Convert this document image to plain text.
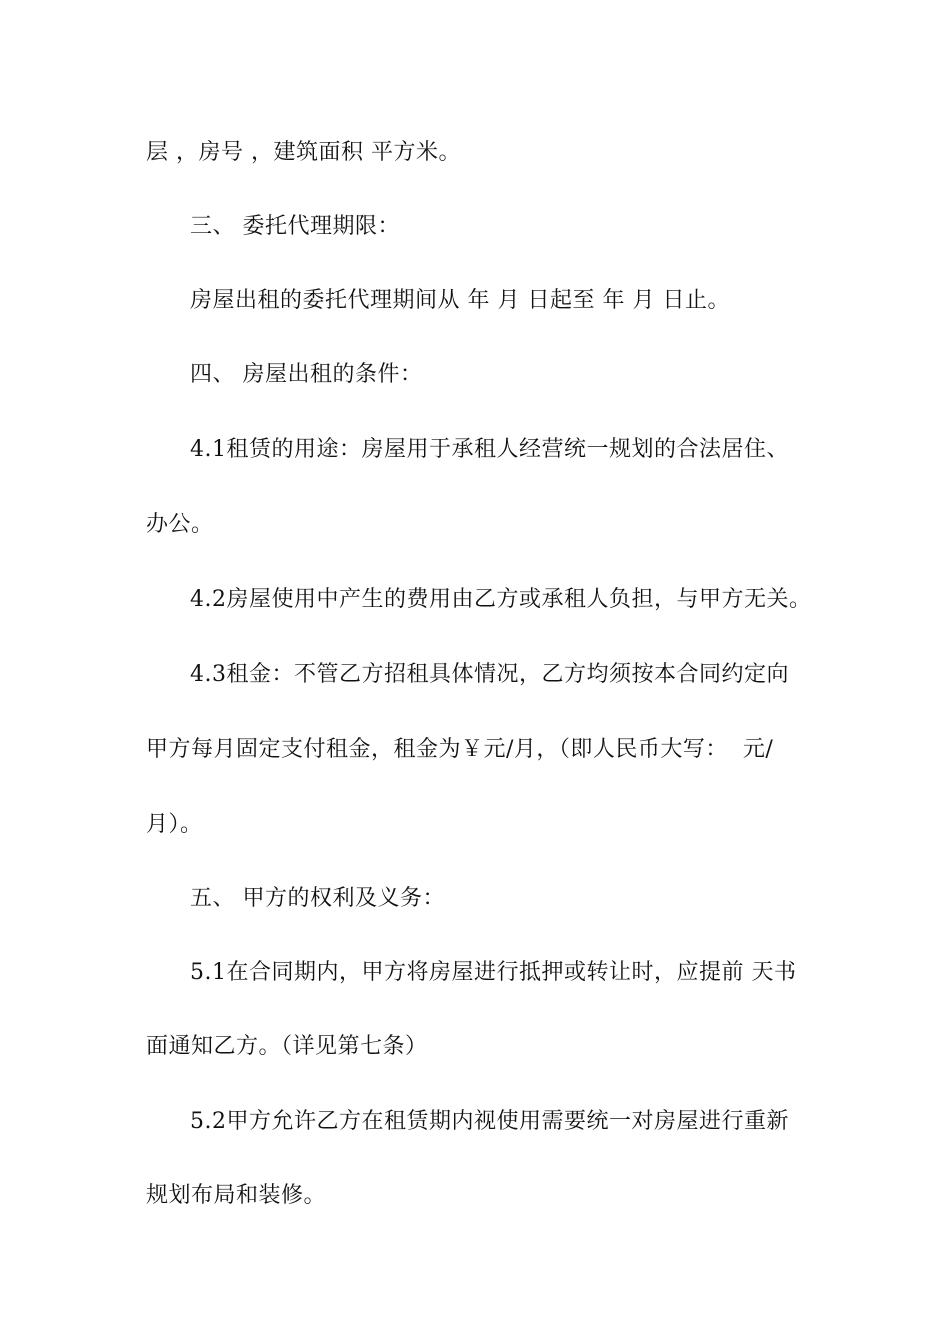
层 ，房号 ，建筑面积 平方米。
三、 委托代理期限：
房屋出租的委托代理期间从 年 月 日起至 年 月 日止。
四、 房屋出租的条件：
4.1租赁的用途：房屋用于承租人经营统一规划的合法居住、
办公。
4.2房屋使用中产生的费用由乙方或承租人负担，与甲方无关。
4.3租金：不管乙方招租具体情况，乙方均须按本合同约定向
甲方每月固定支付租金，租金为￥元/月，（即人民币大写：  元/
月）。
五、 甲方的权利及义务：
5.1在合同期内，甲方将房屋进行抵押或转让时，应提前 天书
面通知乙方。（详见第七条）
5.2甲方允许乙方在租赁期内视使用需要统一对房屋进行重新
规划布局和装修。
